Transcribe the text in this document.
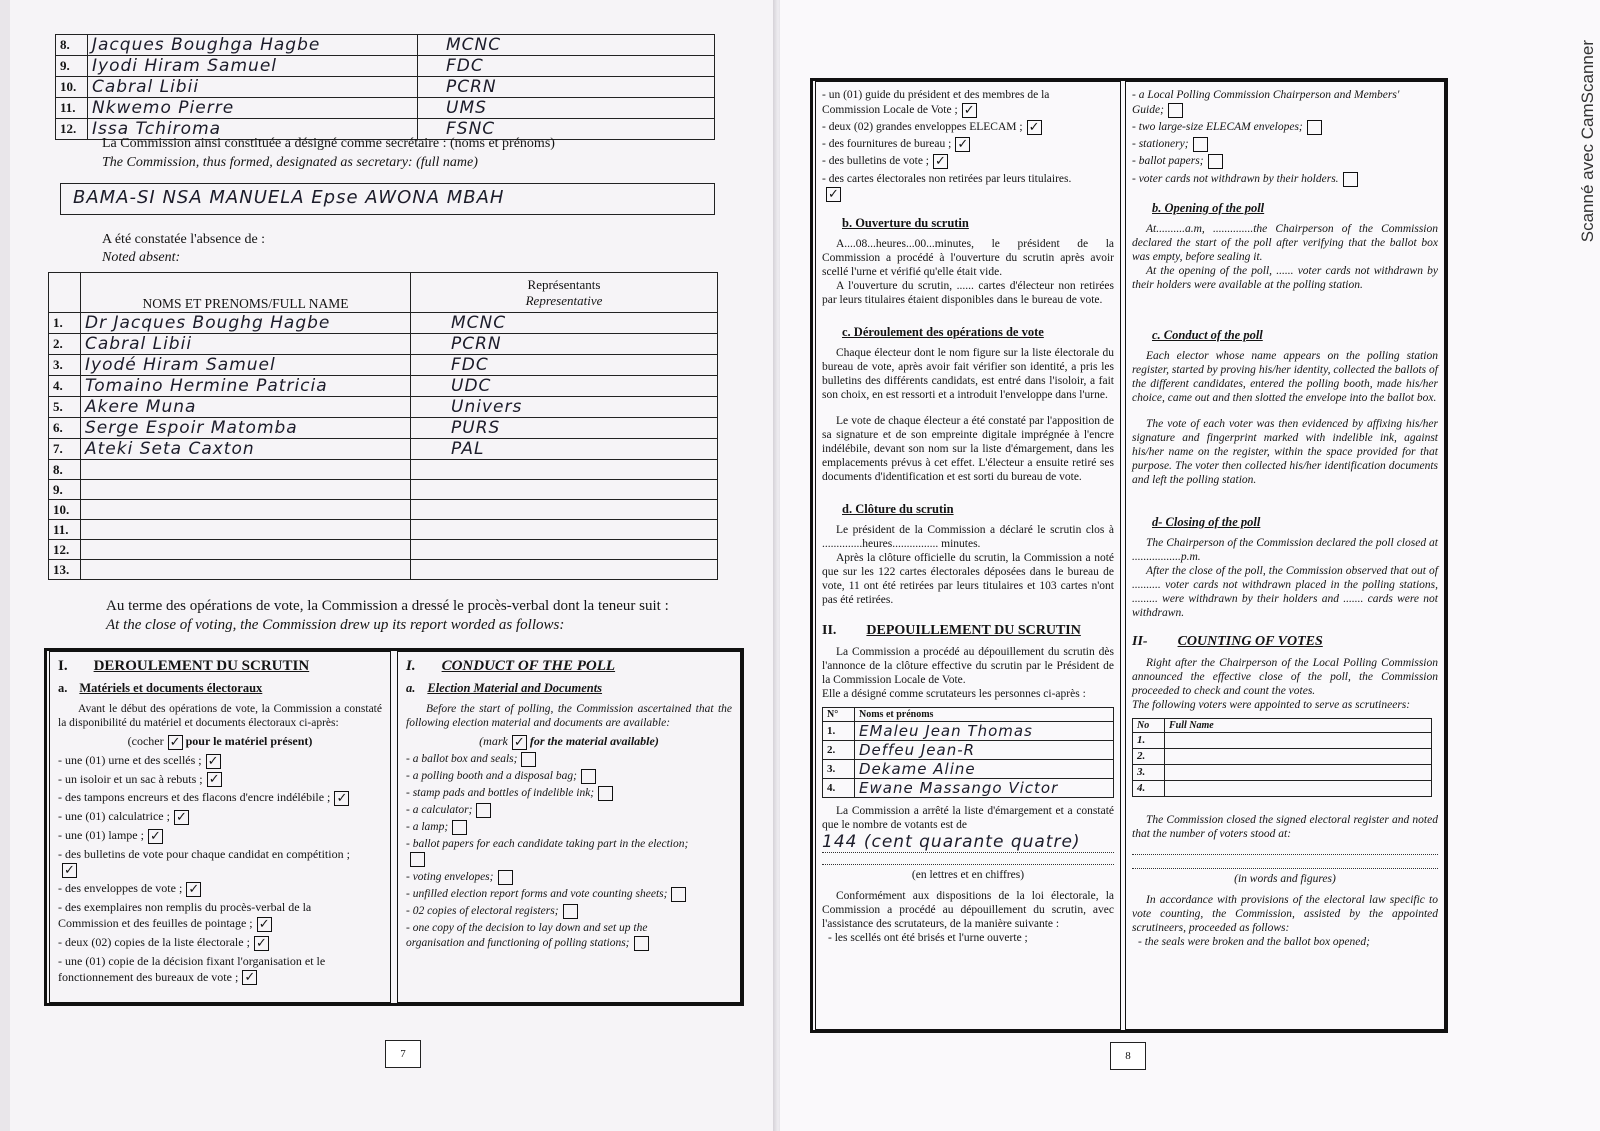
8.	Jacques Boughga Hagbe	MCNC
9.	Iyodi Hiram Samuel	FDC
10.	Cabral Libii	PCRN
11.	Nkwemo Pierre	UMS
12.	Issa Tchiroma	FSNC
La Commission ainsi constituée a désigné comme secrétaire : (noms et prénoms)
The Commission, thus formed, designated as secretary: (full name)
BAMA-SI NSA MANUELA Epse AWONA MBAH
A été constatée l'absence de :
Noted absent:
	NOMS ET PRENOMS/FULL NAME	Représentants
Representative

1.	Dr Jacques Boughg Hagbe	MCNC
2.	Cabral Libii	PCRN
3.	Iyodé Hiram Samuel	FDC
4.	Tomaino Hermine Patricia	UDC
5.	Akere Muna	Univers
6.	Serge Espoir Matomba	PURS
7.	Ateki Seta Caxton	PAL
8.		
9.		
10.		
11.		
12.		
13.		
Au terme des opérations de vote, la Commission a dressé le procès-verbal dont la teneur suit :
At the close of voting, the Commission drew up its report worded as follows:
I. DEROULEMENT DU SCRUTIN
a. Matériels et documents électoraux
Avant le début des opérations de vote, la Commission a constaté la disponibilité du matériel et documents électoraux ci-après:
(cocher ✓ pour le matériel présent)
- une (01) urne et des scellés ; ✓
- un isoloir et un sac à rebuts ; ✓
- des tampons encreurs et des flacons d'encre indélébile ; ✓
- une (01) calculatrice ; ✓
- une (01) lampe ; ✓
- des bulletins de vote pour chaque candidat en compétition ;✓
- des enveloppes de vote ; ✓
- des exemplaires non remplis du procès-verbal de la Commission et des feuilles de pointage ; ✓
- deux (02) copies de la liste électorale ; ✓
- une (01) copie de la décision fixant l'organisation et le fonctionnement des bureaux de vote ; ✓
I. CONDUCT OF THE POLL
a. Election Material and Documents
Before the start of polling, the Commission ascertained that the following election material and documents are available:
(mark ✓ for the material available)
- a ballot box and seals;
- a polling booth and a disposal bag;
- stamp pads and bottles of indelible ink;
- a calculator;
- a lamp;
- ballot papers for each candidate taking part in the election;
- voting envelopes;
- unfilled election report forms and vote counting sheets;
- 02 copies of electoral registers;
- one copy of the decision to lay down and set up the organisation and functioning of polling stations;
7
Scanné avec CamScanner
- un (01) guide du président et des membres de la Commission Locale de Vote ; ✓
- deux (02) grandes enveloppes ELECAM ; ✓
- des fournitures de bureau ; ✓
- des bulletins de vote ; ✓
- des cartes électorales non retirées par leurs titulaires.✓
b. Ouverture du scrutin
A....08...heures...00...minutes, le président de la Commission a procédé à l'ouverture du scrutin après avoir scellé l'urne et vérifié qu'elle était vide.
A l'ouverture du scrutin, ...... cartes d'électeur non retirées par leurs titulaires étaient disponibles dans le bureau de vote.
c. Déroulement des opérations de vote
Chaque électeur dont le nom figure sur la liste électorale du bureau de vote, après avoir fait vérifier son identité, a pris les bulletins des différents candidats, est entré dans l'isoloir, a fait son choix, en est ressorti et a introduit l'enveloppe dans l'urne.
Le vote de chaque électeur a été constaté par l'apposition de sa signature et de son empreinte digitale imprégnée à l'encre indélébile, devant son nom sur la liste d'émargement, dans les emplacements prévus à cet effet. L'électeur a ensuite retiré ses documents d'identification et est sorti du bureau de vote.
d. Clôture du scrutin
Le président de la Commission a déclaré le scrutin clos à ..............heures................ minutes.
Après la clôture officielle du scrutin, la Commission a noté que sur les 122 cartes électorales déposées dans le bureau de vote, 11 ont été retirées par leurs titulaires et 103 cartes n'ont pas été retirées.
II. DEPOUILLEMENT DU SCRUTIN
La Commission a procédé au dépouillement du scrutin dès l'annonce de la clôture effective du scrutin par le Président de la Commission Locale de Vote.
Elle a désigné comme scrutateurs les personnes ci-après :
N°	Noms et prénoms
1.	EMaleu Jean Thomas
2.	Deffeu Jean-R
3.	Dekame Aline
4.	Ewane Massango Victor
La Commission a arrêté la liste d'émargement et a constaté que le nombre de votants est de
144 (cent quarante quatre)
(en lettres et en chiffres)
Conformément aux dispositions de la loi électorale, la Commission a procédé au dépouillement du scrutin, avec l'assistance des scrutateurs, de la manière suivante :
- les scellés ont été brisés et l'urne ouverte ;
- a Local Polling Commission Chairperson and Members' Guide;
- two large-size ELECAM envelopes;
- stationery;
- ballot papers;
- voter cards not withdrawn by their holders.
b. Opening of the poll
At..........a.m, ..............the Chairperson of the Commission declared the start of the poll after verifying that the ballot box was empty, before sealing it.
At the opening of the poll, ...... voter cards not withdrawn by their holders were available at the polling station.
c. Conduct of the poll
Each elector whose name appears on the polling station register, started by proving his/her identity, collected the ballots of the different candidates, entered the polling booth, made his/her choice, came out and then slotted the envelope into the ballot box.
The vote of each voter was then evidenced by affixing his/her signature and fingerprint marked with indelible ink, against his/her name on the register, within the space provided for that purpose. The voter then collected his/her identification documents and left the polling station.
d- Closing of the poll
The Chairperson of the Commission declared the poll closed at .................p.m.
After the close of the poll, the Commission observed that out of .......... voter cards not withdrawn placed in the polling stations, ......... were withdrawn by their holders and ....... cards were not withdrawn.
II- COUNTING OF VOTES
Right after the Chairperson of the Local Polling Commission announced the effective close of the poll, the Commission proceeded to check and count the votes.
The following voters were appointed to serve as scrutineers:
No	Full Name
1.	
2.	
3.	
4.	
The Commission closed the signed electoral register and noted that the number of voters stood at:
(in words and figures)
In accordance with provisions of the electoral law specific to vote counting, the Commission, assisted by the appointed scrutineers, proceeded as follows:
- the seals were broken and the ballot box opened;
8
